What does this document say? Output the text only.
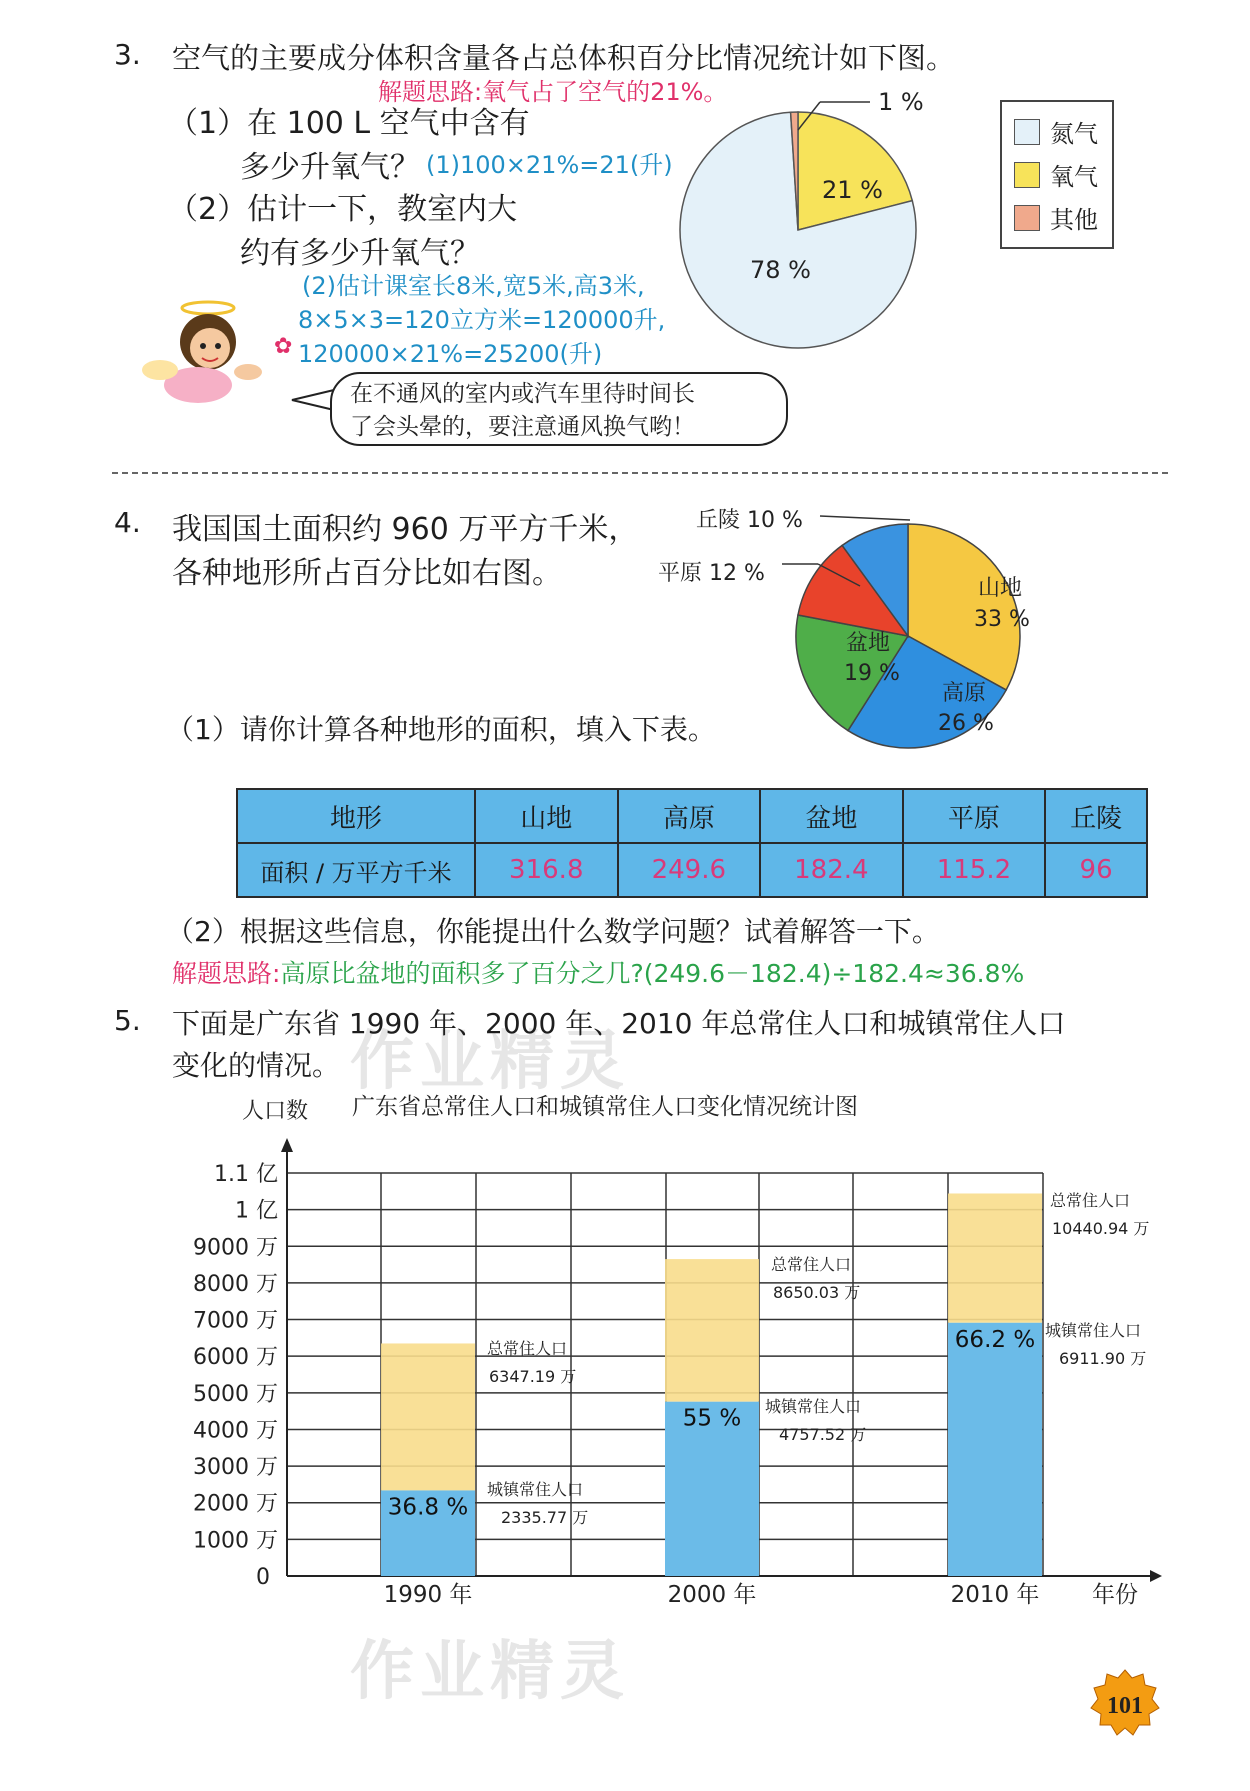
作业精灵
作业精灵
3. 空气的主要成分体积含量各占总体积百分比情况统计如下图。
解题思路:氧气占了空气的21%。
（1）在 100 L 空气中含有
多少升氧气？ (1)100×21%=21(升)
（2）估计一下，教室内大
约有多少升氧气？
(2)估计课室长8米,宽5米,高3米,
8×5×3=120立方米=120000升,
120000×21%=25200(升)
✿
在不通风的室内或汽车里待时间长
了会头晕的，要注意通风换气哟！
1 %
21 %
78 %
氮气
氧气
其他
4. 我国国土面积约 960 万平方千米，
各种地形所占百分比如右图。
丘陵 10 %
平原 12 %
山地
33 %
高原
26 %
盆地
19 %
（1）请你计算各种地形的面积，填入下表。
地形	山地	高原	盆地	平原	丘陵
面积 / 万平方千米	316.8	249.6	182.4	115.2	96
（2）根据这些信息，你能提出什么数学问题？试着解答一下。
解题思路:高原比盆地的面积多了百分之几?(249.6－182.4)÷182.4≈36.8%
5. 下面是广东省 1990 年、2000 年、2010 年总常住人口和城镇常住人口
变化的情况。
人口数 广东省总常住人口和城镇常住人口变化情况统计图
0
1000 万
2000 万
3000 万
4000 万
5000 万
6000 万
7000 万
8000 万
9000 万
1 亿
1.1 亿
36.8 %
1990 年
55 %
2000 年
66.2 %
2010 年
总常住人口
6347.19 万
城镇常住人口
2335.77 万
总常住人口
8650.03 万
城镇常住人口
4757.52 万
总常住人口
10440.94 万
城镇常住人口
6911.90 万
年份
101
